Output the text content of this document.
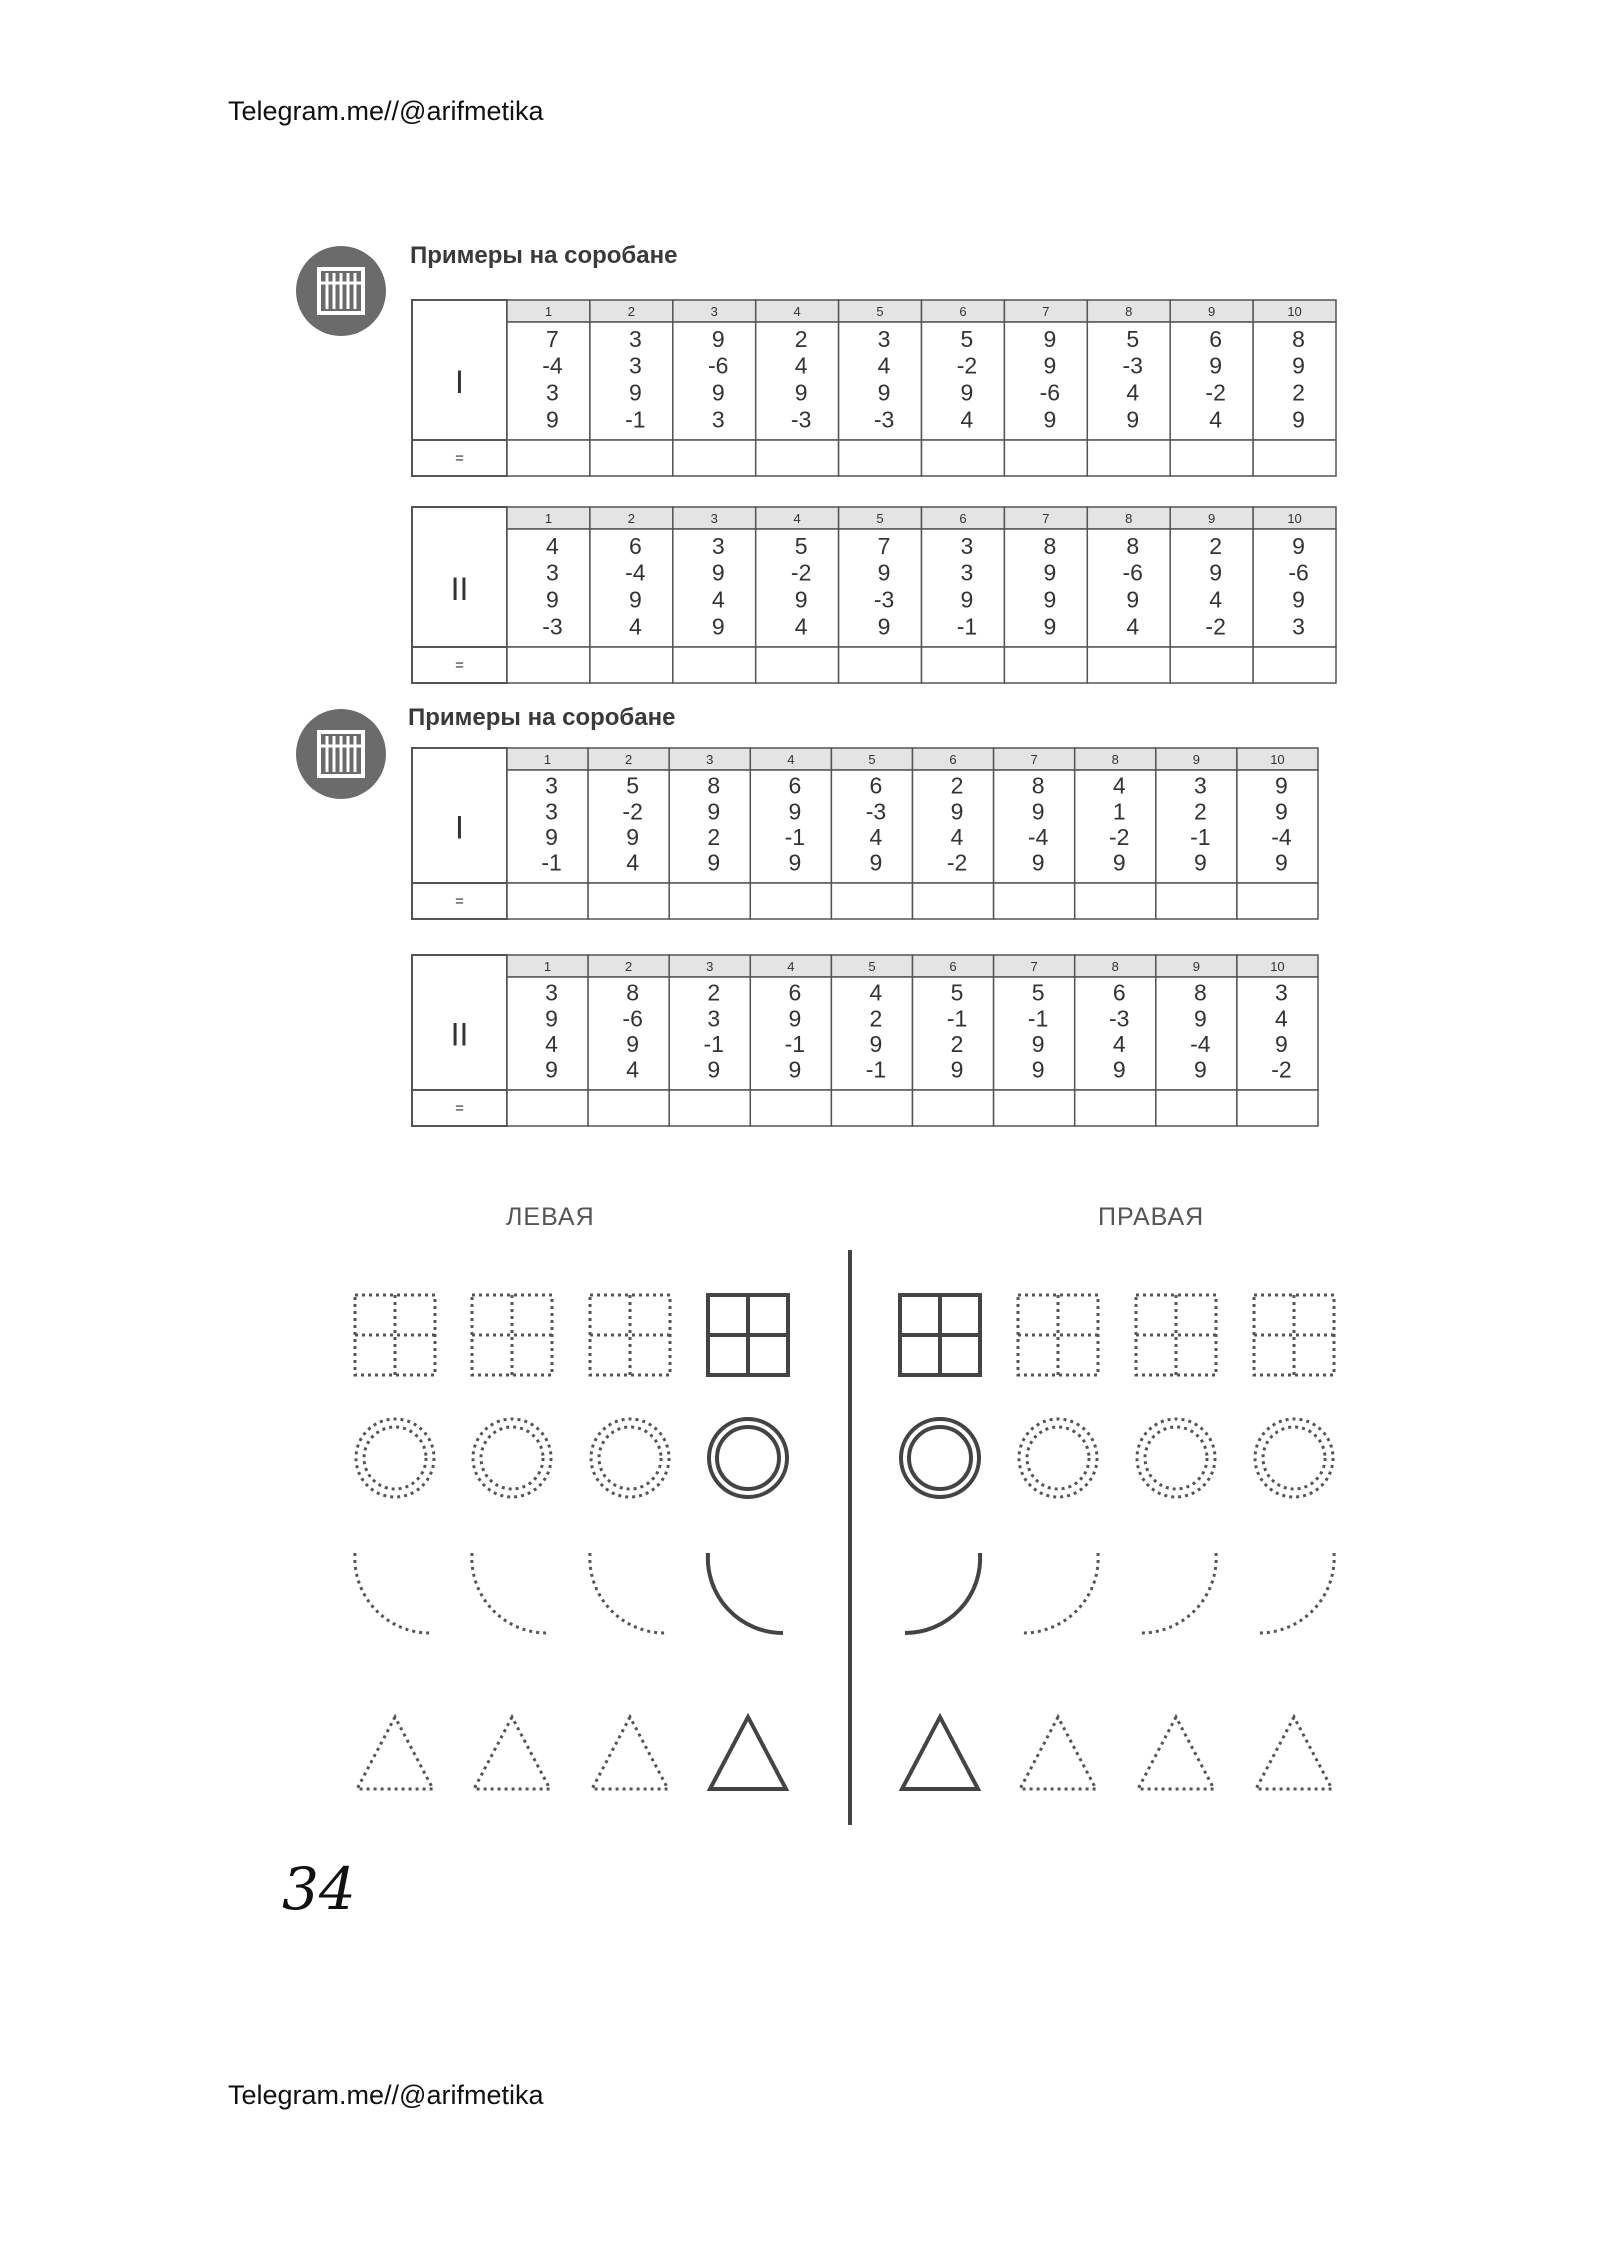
Telegram.me//@arifmetika
Примеры на соробане
1
7
-4
3
9
2
3
3
9
-1
3
9
-6
9
3
4
2
4
9
-3
5
3
4
9
-3
6
5
-2
9
4
7
9
9
-6
9
8
5
-3
4
9
9
6
9
-2
4
10
8
9
2
9
I
=
1
4
3
9
-3
2
6
-4
9
4
3
3
9
4
9
4
5
-2
9
4
5
7
9
-3
9
6
3
3
9
-1
7
8
9
9
9
8
8
-6
9
4
9
2
9
4
-2
10
9
-6
9
3
II
=
Примеры на соробане
1
3
3
9
-1
2
5
-2
9
4
3
8
9
2
9
4
6
9
-1
9
5
6
-3
4
9
6
2
9
4
-2
7
8
9
-4
9
8
4
1
-2
9
9
3
2
-1
9
10
9
9
-4
9
I
=
1
3
9
4
9
2
8
-6
9
4
3
2
3
-1
9
4
6
9
-1
9
5
4
2
9
-1
6
5
-1
2
9
7
5
-1
9
9
8
6
-3
4
9
9
8
9
-4
9
10
3
4
9
-2
II
=
ЛЕВАЯ	ПРАВАЯ
34
Telegram.me//@arifmetika
